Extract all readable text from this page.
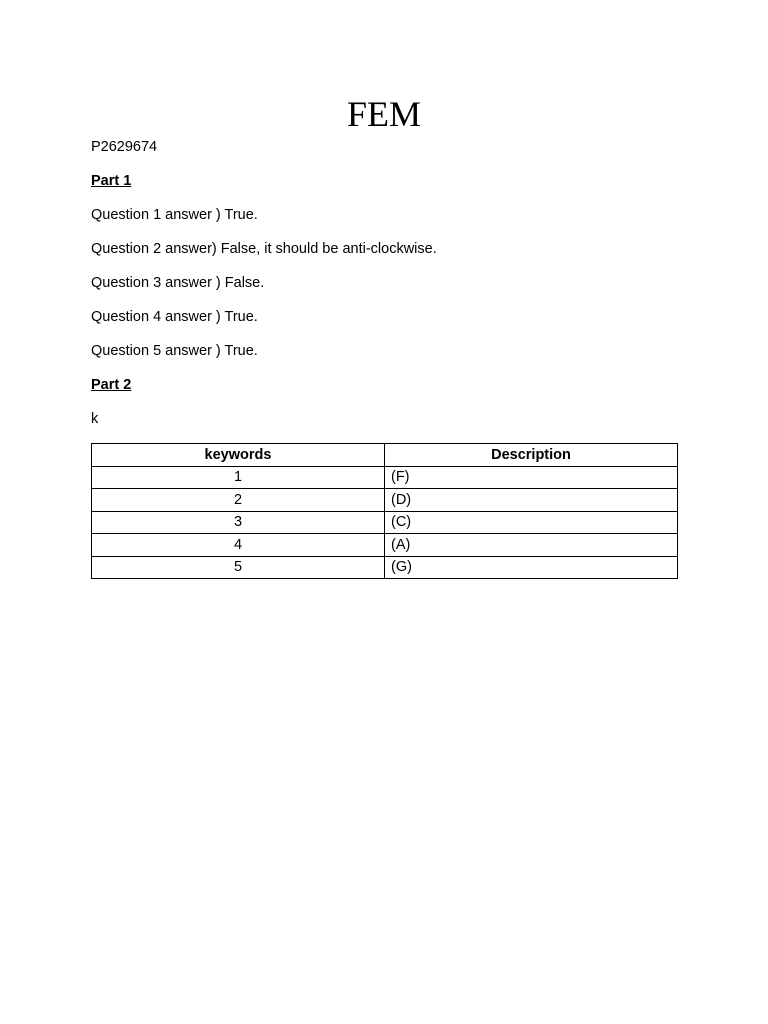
FEM
P2629674
Part 1
Question 1 answer ) True.
Question 2 answer) False, it should be anti-clockwise.
Question 3 answer ) False.
Question 4 answer ) True.
Question 5 answer ) True.
Part 2
k
keywords	Description
1	(F)
2	(D)
3	(C)
4	(A)
5	(G)
